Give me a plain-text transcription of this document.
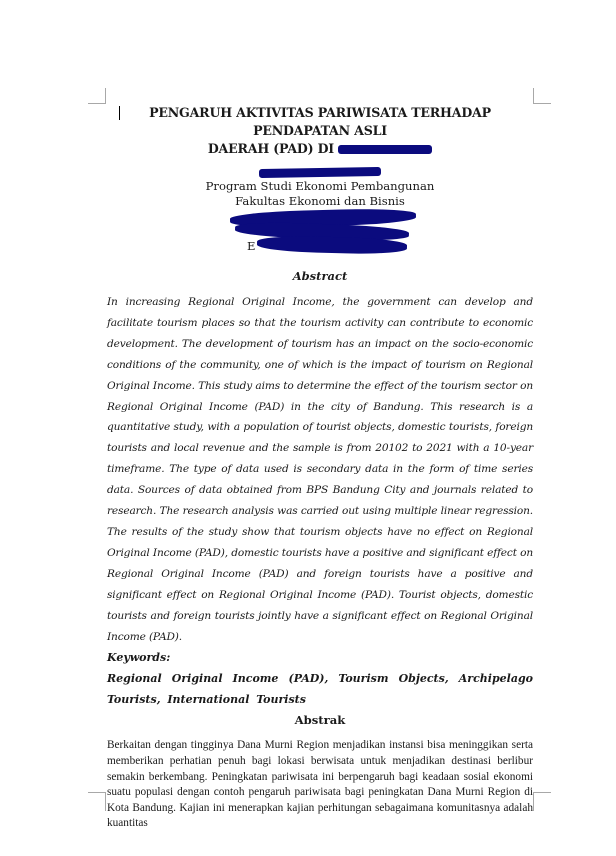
PENGARUH AKTIVITAS PARIWISATA TERHADAP PENDAPATAN ASLI
DAERAH (PAD) DI
Program Studi Ekonomi Pembangunan
Fakultas Ekonomi dan Bisnis
E
Abstract
In increasing Regional Original Income, the government can develop and facilitate tourism places so that the tourism activity can contribute to economic development. The development of tourism has an impact on the socio-economic conditions of the community, one of which is the impact of tourism on Regional Original Income. This study aims to determine the effect of the tourism sector on Regional Original Income (PAD) in the city of Bandung. This research is a quantitative study, with a population of tourist objects, domestic tourists, foreign tourists and local revenue and the sample is from 20102 to 2021 with a 10-year timeframe. The type of data used is secondary data in the form of time series data. Sources of data obtained from BPS Bandung City and journals related to research. The research analysis was carried out using multiple linear regression. The results of the study show that tourism objects have no effect on Regional Original Income (PAD), domestic tourists have a positive and significant effect on Regional Original Income (PAD) and foreign tourists have a positive and significant effect on Regional Original Income (PAD). Tourist objects, domestic tourists and foreign tourists jointly have a significant effect on Regional Original Income (PAD).
Keywords:
Regional Original Income (PAD), Tourism Objects, Archipelago Tourists, International Tourists
Abstrak
Berkaitan dengan tingginya Dana Murni Region menjadikan instansi bisa meninggikan serta memberikan perhatian penuh bagi lokasi berwisata untuk menjadikan destinasi berlibur semakin berkembang. Peningkatan pariwisata ini berpengaruh bagi keadaan sosial ekonomi suatu populasi dengan contoh pengaruh pariwisata bagi peningkatan Dana Murni Region di Kota Bandung. Kajian ini menerapkan kajian perhitungan sebagaimana komunitasnya adalah kuantitas
